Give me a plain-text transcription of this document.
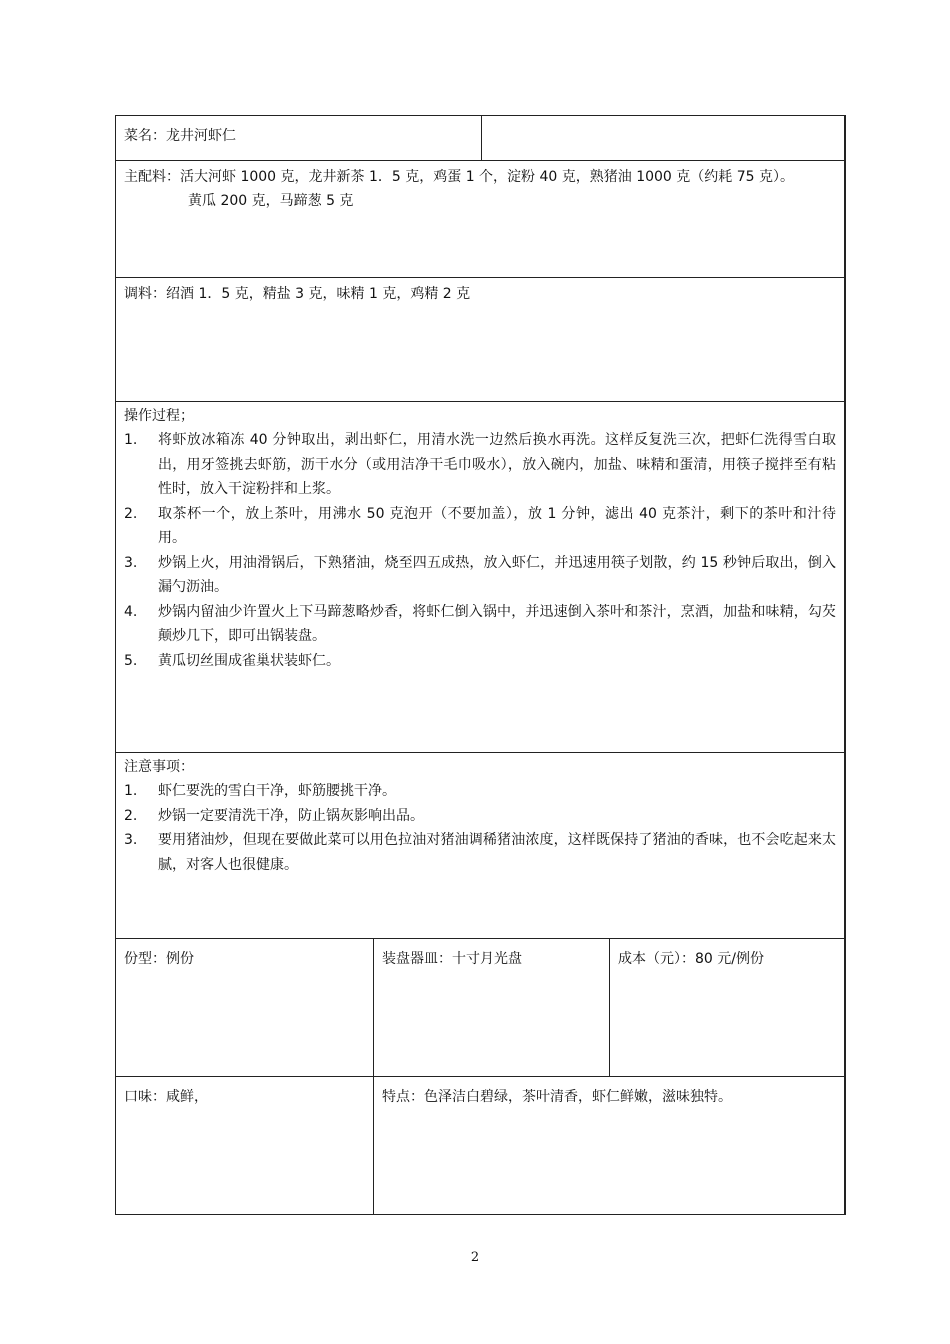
菜名：龙井河虾仁
主配料：活大河虾 1000 克，龙井新茶 1．5 克，鸡蛋 1 个，淀粉 40 克，熟猪油 1000 克（约耗 75 克）。
黄瓜 200 克，马蹄葱 5 克
调料：绍酒 1．5 克，精盐 3 克，味精 1 克，鸡精 2 克
操作过程；
1.	将虾放冰箱冻 40 分钟取出，剥出虾仁，用清水洗一边然后换水再洗。这样反复洗三次，把虾仁洗得雪白取出，用牙签挑去虾筋，沥干水分（或用洁净干毛巾吸水），放入碗内，加盐、味精和蛋清，用筷子搅拌至有粘性时，放入干淀粉拌和上浆。
2.	取茶杯一个，放上茶叶，用沸水 50 克泡开（不要加盖），放 1 分钟，滤出 40 克茶汁，剩下的茶叶和汁待用。
3.	炒锅上火，用油滑锅后，下熟猪油，烧至四五成热，放入虾仁，并迅速用筷子划散，约 15 秒钟后取出，倒入漏勺沥油。
4.	炒锅内留油少许置火上下马蹄葱略炒香，将虾仁倒入锅中，并迅速倒入茶叶和茶汁，烹酒，加盐和味精，勾芡颠炒几下，即可出锅装盘。
5.	黄瓜切丝围成雀巢状装虾仁。
注意事项：
1.	虾仁要洗的雪白干净，虾筋腰挑干净。
2.	炒锅一定要清洗干净，防止锅灰影响出品。
3.	要用猪油炒，但现在要做此菜可以用色拉油对猪油调稀猪油浓度，这样既保持了猪油的香味，也不会吃起来太腻，对客人也很健康。
份型：例份	装盘器皿：十寸月光盘	成本（元）：80 元/例份
口味：咸鲜，	特点：色泽洁白碧绿，茶叶清香，虾仁鲜嫩，滋味独特。
2
